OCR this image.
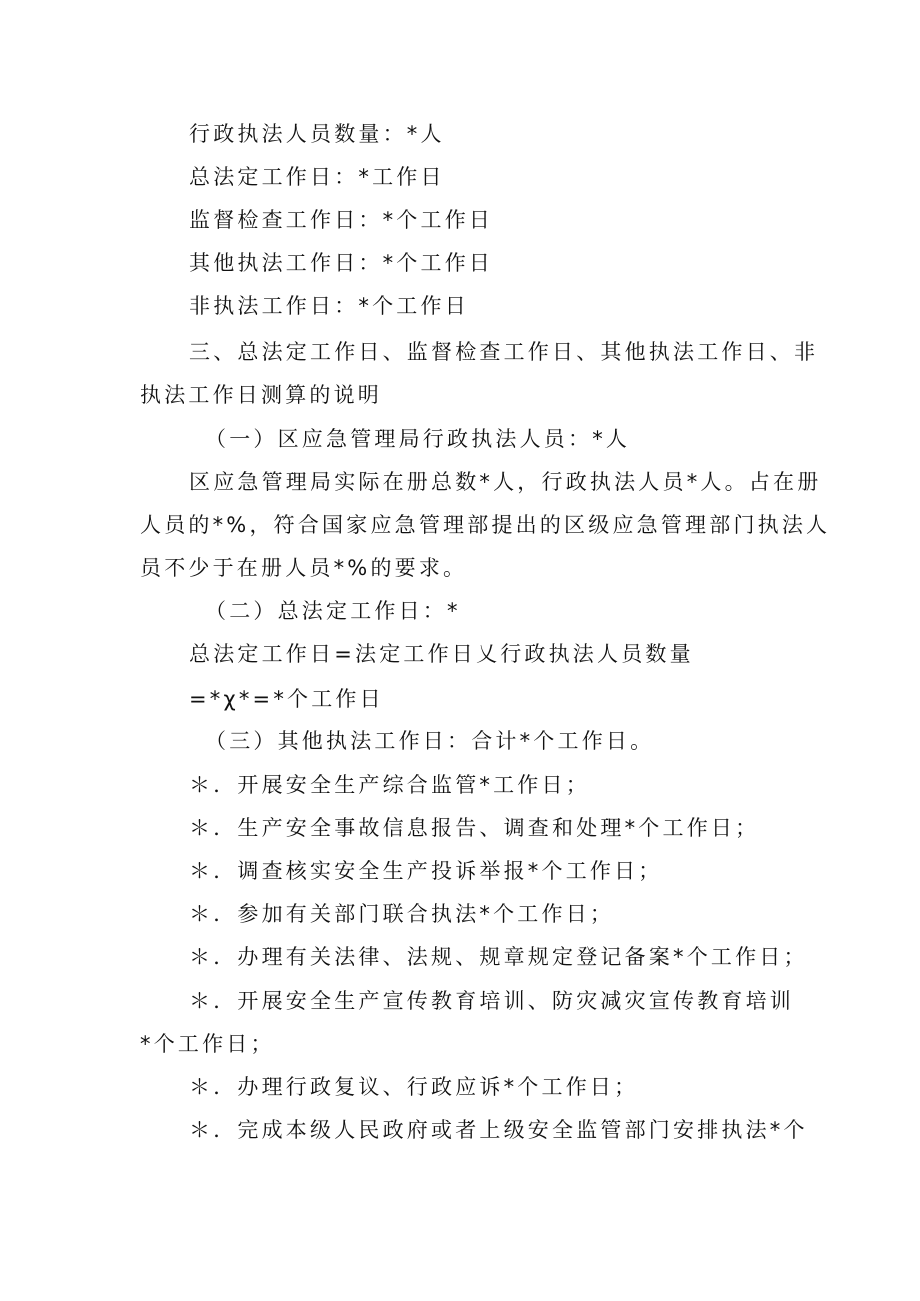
行政执法人员数量：*人
总法定工作日：*工作日
监督检查工作日：*个工作日
其他执法工作日：*个工作日
非执法工作日：*个工作日
三、总法定工作日、监督检查工作日、其他执法工作日、非
执法工作日测算的说明
（一）区应急管理局行政执法人员：*人
区应急管理局实际在册总数*人，行政执法人员*人。占在册
人员的*%，符合国家应急管理部提出的区级应急管理部门执法人
员不少于在册人员*%的要求。
（二）总法定工作日：*
总法定工作日=法定工作日乂行政执法人员数量
=*χ*=*个工作日
（三）其他执法工作日：合计*个工作日。
＊．开展安全生产综合监管*工作日；
＊．生产安全事故信息报告、调查和处理*个工作日；
＊．调查核实安全生产投诉举报*个工作日；
＊．参加有关部门联合执法*个工作日；
＊．办理有关法律、法规、规章规定登记备案*个工作日；
＊．开展安全生产宣传教育培训、防灾减灾宣传教育培训
*个工作日；
＊．办理行政复议、行政应诉*个工作日；
＊．完成本级人民政府或者上级安全监管部门安排执法*个
